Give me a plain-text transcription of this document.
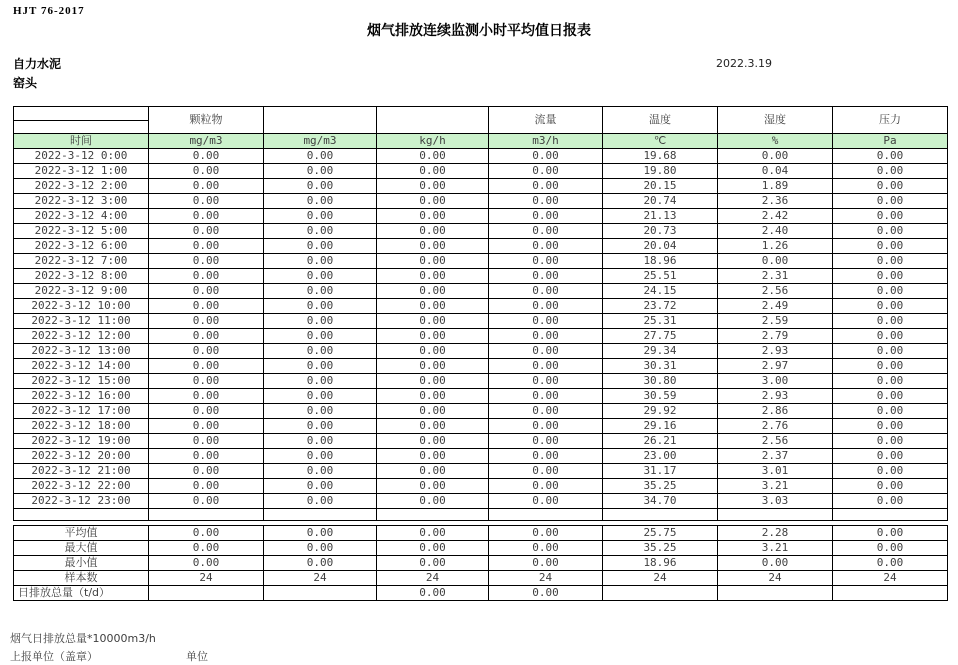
HJT 76-2017
烟气排放连续监测小时平均值日报表
自力水泥
窑头
2022.3.19
	颗粒物			流量	温度	湿度	压力

时间	mg/m3	mg/m3	kg/h	m3/h	℃	%	Pa
2022-3-12 0:00	0.00	0.00	0.00	0.00	19.68	0.00	0.00
2022-3-12 1:00	0.00	0.00	0.00	0.00	19.80	0.04	0.00
2022-3-12 2:00	0.00	0.00	0.00	0.00	20.15	1.89	0.00
2022-3-12 3:00	0.00	0.00	0.00	0.00	20.74	2.36	0.00
2022-3-12 4:00	0.00	0.00	0.00	0.00	21.13	2.42	0.00
2022-3-12 5:00	0.00	0.00	0.00	0.00	20.73	2.40	0.00
2022-3-12 6:00	0.00	0.00	0.00	0.00	20.04	1.26	0.00
2022-3-12 7:00	0.00	0.00	0.00	0.00	18.96	0.00	0.00
2022-3-12 8:00	0.00	0.00	0.00	0.00	25.51	2.31	0.00
2022-3-12 9:00	0.00	0.00	0.00	0.00	24.15	2.56	0.00
2022-3-12 10:00	0.00	0.00	0.00	0.00	23.72	2.49	0.00
2022-3-12 11:00	0.00	0.00	0.00	0.00	25.31	2.59	0.00
2022-3-12 12:00	0.00	0.00	0.00	0.00	27.75	2.79	0.00
2022-3-12 13:00	0.00	0.00	0.00	0.00	29.34	2.93	0.00
2022-3-12 14:00	0.00	0.00	0.00	0.00	30.31	2.97	0.00
2022-3-12 15:00	0.00	0.00	0.00	0.00	30.80	3.00	0.00
2022-3-12 16:00	0.00	0.00	0.00	0.00	30.59	2.93	0.00
2022-3-12 17:00	0.00	0.00	0.00	0.00	29.92	2.86	0.00
2022-3-12 18:00	0.00	0.00	0.00	0.00	29.16	2.76	0.00
2022-3-12 19:00	0.00	0.00	0.00	0.00	26.21	2.56	0.00
2022-3-12 20:00	0.00	0.00	0.00	0.00	23.00	2.37	0.00
2022-3-12 21:00	0.00	0.00	0.00	0.00	31.17	3.01	0.00
2022-3-12 22:00	0.00	0.00	0.00	0.00	35.25	3.21	0.00
2022-3-12 23:00	0.00	0.00	0.00	0.00	34.70	3.03	0.00

平均值	0.00	0.00	0.00	0.00	25.75	2.28	0.00
最大值	0.00	0.00	0.00	0.00	35.25	3.21	0.00
最小值	0.00	0.00	0.00	0.00	18.96	0.00	0.00
样本数	24	24	24	24	24	24	24
日排放总量（t/d）			0.00	0.00			
烟气日排放总量*10000m3/h
上报单位（盖章）	单位
